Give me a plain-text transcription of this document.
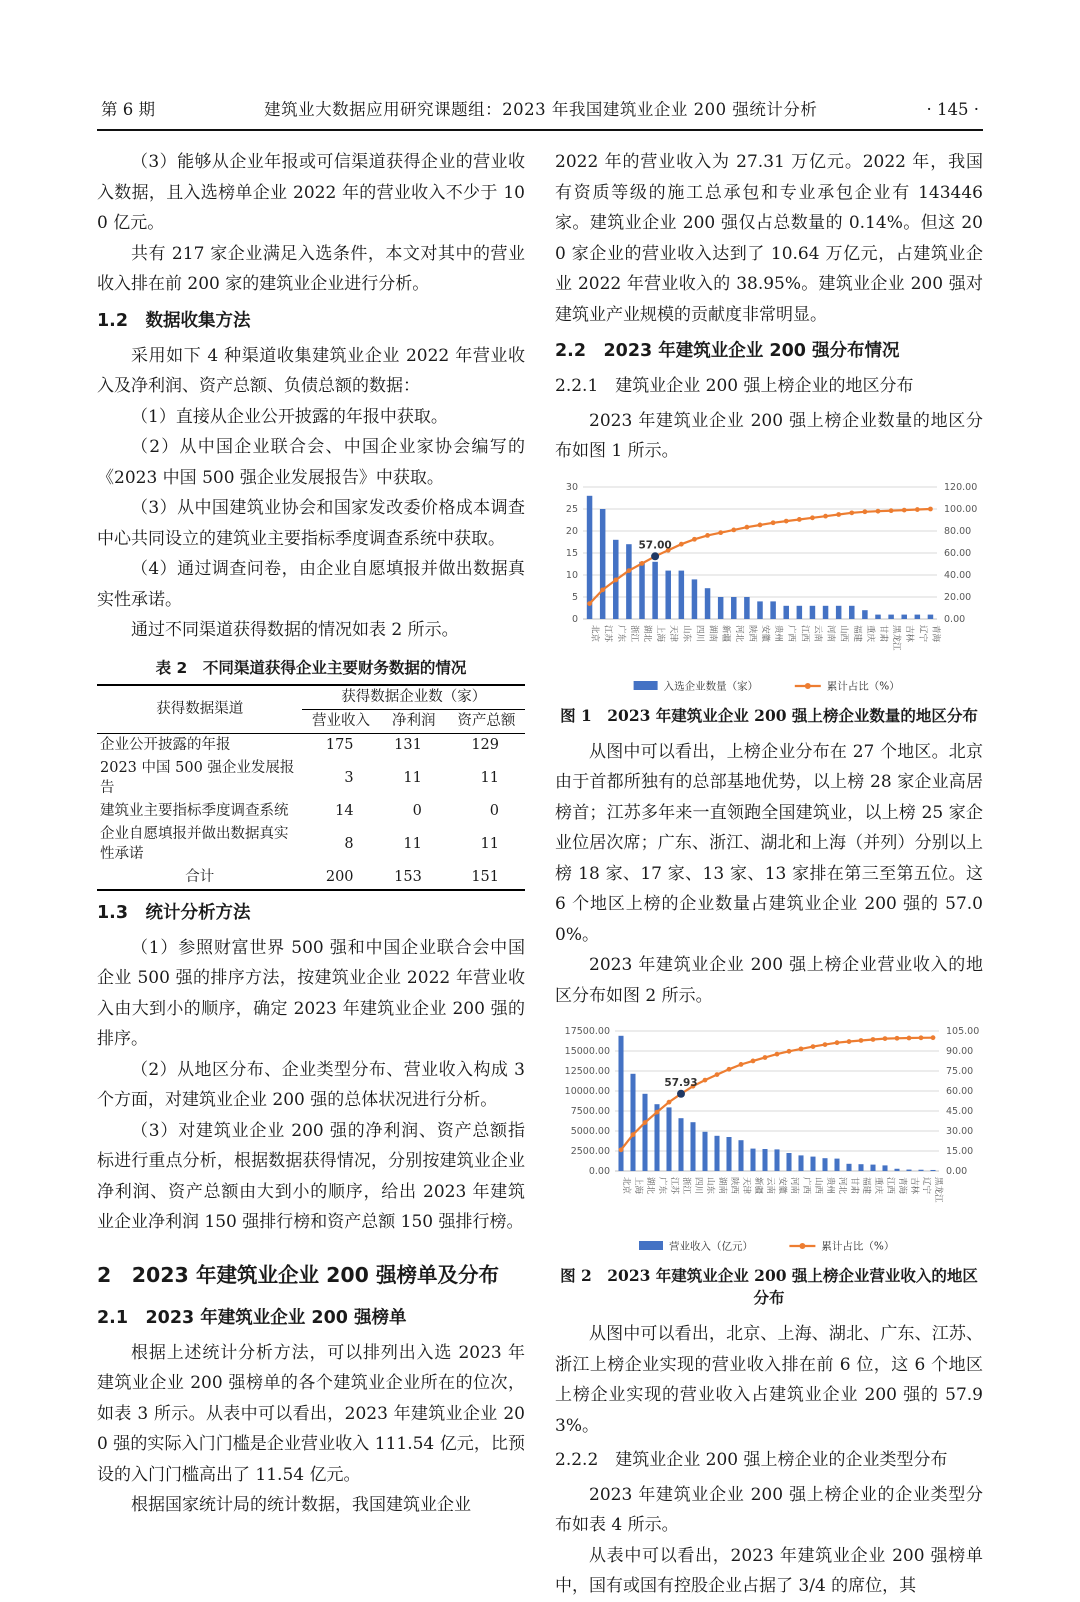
第 6 期	建筑业大数据应用研究课题组：2023 年我国建筑业企业 200 强统计分析	· 145 ·

（3）能够从企业年报或可信渠道获得企业的营业收入数据，且入选榜单企业 2022 年的营业收入不少于 100 亿元。

共有 217 家企业满足入选条件，本文对其中的营业收入排在前 200 家的建筑业企业进行分析。

1.2　数据收集方法

采用如下 4 种渠道收集建筑业企业 2022 年营业收入及净利润、资产总额、负债总额的数据：

（1）直接从企业公开披露的年报中获取。

（2）从中国企业联合会、中国企业家协会编写的《2023 中国 500 强企业发展报告》中获取。

（3）从中国建筑业协会和国家发改委价格成本调查中心共同设立的建筑业主要指标季度调查系统中获取。

（4）通过调查问卷，由企业自愿填报并做出数据真实性承诺。

通过不同渠道获得数据的情况如表 2 所示。

表 2　不同渠道获得企业主要财务数据的情况
获得数据渠道	获得数据企业数（家）		
	营业收入	净利润	资产总额
企业公开披露的年报	175	131	129
2023 中国 500 强企业发展报告	3	11	11
建筑业主要指标季度调查系统	14	0	0
企业自愿填报并做出数据真实性承诺	8	11	11
合计	200	153	151
1.3　统计分析方法

（1）参照财富世界 500 强和中国企业联合会中国企业 500 强的排序方法，按建筑业企业 2022 年营业收入由大到小的顺序，确定 2023 年建筑业企业 200 强的排序。

（2）从地区分布、企业类型分布、营业收入构成 3 个方面，对建筑业企业 200 强的总体状况进行分析。

（3）对建筑业企业 200 强的净利润、资产总额指标进行重点分析，根据数据获得情况，分别按建筑业企业净利润、资产总额由大到小的顺序，给出 2023 年建筑业企业净利润 150 强排行榜和资产总额 150 强排行榜。

2　2023 年建筑业企业 200 强榜单及分布
2.1　2023 年建筑业企业 200 强榜单

根据上述统计分析方法，可以排列出入选 2023 年建筑业企业 200 强榜单的各个建筑业企业所在的位次，如表 3 所示。从表中可以看出，2023 年建筑业企业 200 强的实际入门门槛是企业营业收入 111.54 亿元，比预设的入门门槛高出了 11.54 亿元。

根据国家统计局的统计数据，我国建筑业企业

2022 年的营业收入为 27.31 万亿元。2022 年，我国有资质等级的施工总承包和专业承包企业有 143446 家。建筑业企业 200 强仅占总数量的 0.14%。但这 200 家企业的营业收入达到了 10.64 万亿元，占建筑业企业 2022 年营业收入的 38.95%。建筑业企业 200 强对建筑业产业规模的贡献度非常明显。

2.2　2023 年建筑业企业 200 强分布情况
2.2.1　建筑业企业 200 强上榜企业的地区分布

2023 年建筑业企业 200 强上榜企业数量的地区分布如图 1 所示。

0
5
10
15
20
25
30
0.00
20.00
40.00
60.00
80.00
100.00
120.00
57.00
北京 江苏 广东 浙江 湖北 上海 天津 山东 四川 湖南 新疆 河北 陕西 安徽 贵州 广西 江西 云南 河南 山西 福建 重庆 甘肃 黑龙江 吉林 辽宁 青海
入选企业数量（家）	累计占比（%）
图 1　2023 年建筑业企业 200 强上榜企业数量的地区分布

从图中可以看出，上榜企业分布在 27 个地区。北京由于首都所独有的总部基地优势，以上榜 28 家企业高居榜首；江苏多年来一直领跑全国建筑业，以上榜 25 家企业位居次席；广东、浙江、湖北和上海（并列）分别以上榜 18 家、17 家、13 家、13 家排在第三至第五位。这 6 个地区上榜的企业数量占建筑业企业 200 强的 57.00%。

2023 年建筑业企业 200 强上榜企业营业收入的地区分布如图 2 所示。

0.00
2500.00
5000.00
7500.00
10000.00
12500.00
15000.00
17500.00
0.00
15.00
30.00
45.00
60.00
75.00
90.00
105.00
57.93
北京 上海 湖北 广东 江苏 浙江 四川 山东 湖南 陕西 天津 新疆 云南 安徽 河南 广西 山西 贵州 河北 甘肃 福建 重庆 江西 青海 吉林 辽宁 黑龙江
营业收入（亿元）	累计占比（%）
图 2　2023 年建筑业企业 200 强上榜企业营业收入的地区分布

从图中可以看出，北京、上海、湖北、广东、江苏、浙江上榜企业实现的营业收入排在前 6 位，这 6 个地区上榜企业实现的营业收入占建筑业企业 200 强的 57.93%。

2.2.2　建筑业企业 200 强上榜企业的企业类型分布

2023 年建筑业企业 200 强上榜企业的企业类型分布如表 4 所示。

从表中可以看出，2023 年建筑业企业 200 强榜单中，国有或国有控股企业占据了 3/4 的席位，其
